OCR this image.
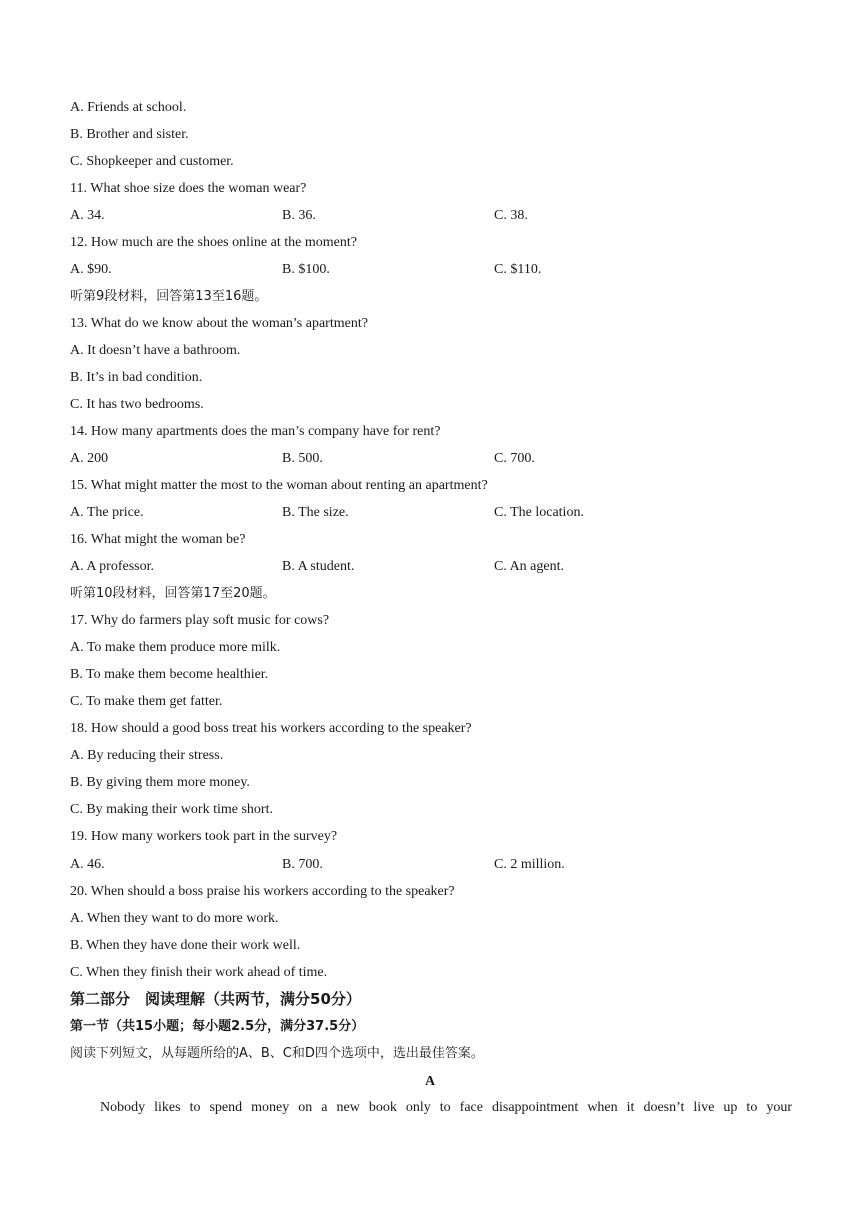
A. Friends at school.
B. Brother and sister.
C. Shopkeeper and customer.
11. What shoe size does the woman wear?
A. 34.	B. 36.	C. 38.
12. How much are the shoes online at the moment?
A. $90.	B. $100.	C. $110.
听第9段材料，回答第13至16题。
13. What do we know about the woman’s apartment?
A. It doesn’t have a bathroom.
B. It’s in bad condition.
C. It has two bedrooms.
14. How many apartments does the man’s company have for rent?
A. 200	B. 500.	C. 700.
15. What might matter the most to the woman about renting an apartment?
A. The price.	B. The size.	C. The location.
16. What might the woman be?
A. A professor.	B. A student.	C. An agent.
听第10段材料，回答第17至20题。
17. Why do farmers play soft music for cows?
A. To make them produce more milk.
B. To make them become healthier.
C. To make them get fatter.
18. How should a good boss treat his workers according to the speaker?
A. By reducing their stress.
B. By giving them more money.
C. By making their work time short.
19. How many workers took part in the survey?
A. 46.	B. 700.	C. 2 million.
20. When should a boss praise his workers according to the speaker?
A. When they want to do more work.
B. When they have done their work well.
C. When they finish their work ahead of time.
第二部分　阅读理解（共两节，满分50分）
第一节（共15小题；每小题2.5分，满分37.5分）
阅读下列短文，从每题所给的A、B、C和D四个选项中，选出最佳答案。
A
Nobody likes to spend money on a new book only to face disappointment when it doesn’t live up to your
